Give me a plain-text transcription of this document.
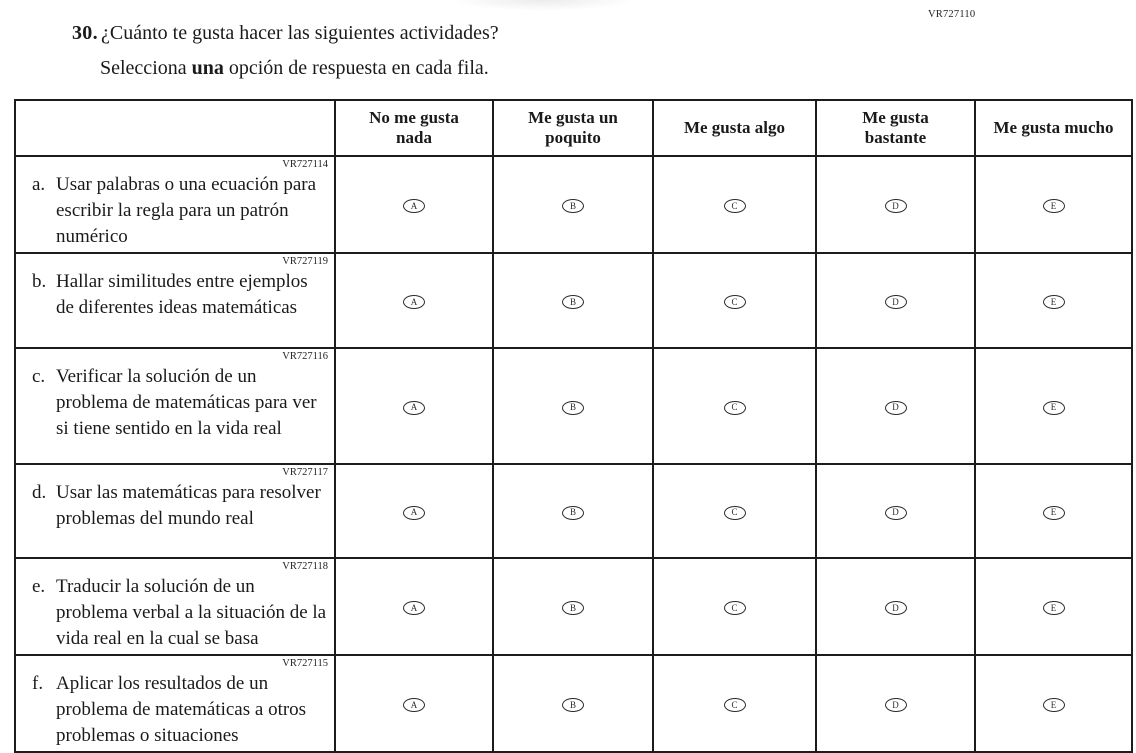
VR727110
30. ¿Cuánto te gusta hacer las siguientes actividades?
Selecciona una opción de respuesta en cada fila.
	No me gusta nada	Me gusta un poquito	Me gusta algo	Me gusta bastante	Me gusta mucho

VR727114
a. Usar palabras o una ecuación para escribir la regla para un patrón numérico	A	B	C	D	E

VR727119
b. Hallar similitudes entre ejemplos de diferentes ideas matemáticas	A	B	C	D	E

VR727116
c. Verificar la solución de un problema de matemáticas para ver si tiene sentido en la vida real	A	B	C	D	E

VR727117
d. Usar las matemáticas para resolver problemas del mundo real	A	B	C	D	E

VR727118
e. Traducir la solución de un problema verbal a la situación de la vida real en la cual se basa	A	B	C	D	E

VR727115
f. Aplicar los resultados de un problema de matemáticas a otros problemas o situaciones	A	B	C	D	E
